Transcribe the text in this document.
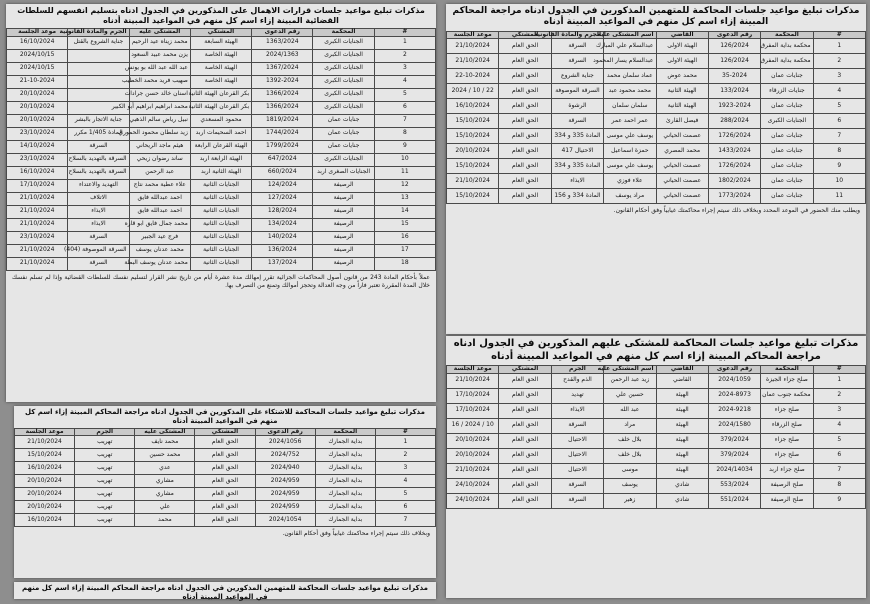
مذكرات تبليغ مواعيد جلسات المحاكمة للمتهمين المذكورين في الجدول ادناه مراجعة المحاكم المبينة إزاء اسم كل منهم في المواعيد المبينة أدناه
#	المحكمة	رقم الدعوى	القاضي	اسم المشتكى عليه	الجرم والمادة القانونية	المشتكي	موعد الجلسة
1	محكمة بداية المفرق	126/2024	الهيئة الاولى	عبدالسلام علي المبارك	السرقة	الحق العام	21/10/2024
2	محكمة بداية المفرق	126/2024	الهيئة الاولى	عبدالسلام يسار المحمود	السرقة	الحق العام	21/10/2024
3	جنايات عمان	35-2024	محمد عوض	عماد سلمان محمد	جناية الشروع	الحق العام	22-10-2024
4	جنايات الزرقاء	133/2024	الهيئة الثانية	محمد محمود عبد	السرقة الموصوفة	الحق العام	22 / 10 / 2024
5	جنايات عمان	1923-2024	الهيئة الثانية	سلمان سلمان	الرشوة	الحق العام	16/10/2024
6	الجنايات الكبرى	288/2024	فيصل القارئ	عمر احمد عمر	السرقة	الحق العام	15/10/2024
7	جنايات عمان	1726/2024	عصمت الحياني	يوسف علي موسى	المادة 335 و 334	الحق العام	15/10/2024
8	جنايات عمان	1433/2024	محمد المصري	حمزة اسماعيل	الاحتيال 417	الحق العام	20/10/2024
9	جنايات عمان	1726/2024	عصمت الحياني	يوسف علي موسى	المادة 335 و 334	الحق العام	15/10/2024
10	جنايات عمان	1802/2024	عصمت الحياني	علاء فوزي	الايذاء	الحق العام	21/10/2024
11	جنايات عمان	1773/2024	عصمت الحياني	مراد يوسف	المادة 334 و 156	الحق العام	15/10/2024
ويطلب منك الحضور في الموعد المحدد وبخلاف ذلك سيتم إجراء محاكمتك غيابياً وفق أحكام القانون.
مذكرات تبليغ مواعيد جلسات المحاكمة للمشتكى عليهم المذكورين في الجدول ادناه مراجعة المحاكم المبينة إزاء اسم كل منهم في المواعيد المبينة أدناه
#	المحكمة	رقم الدعوى	القاضي	اسم المشتكى عليه	الجرم	المشتكي	موعد الجلسة
1	صلح جزاء الجيزة	2024/1059	القاضي	زيد عبد الرحمن	الذم والقدح	الحق العام	21/10/2024
2	محكمة جنوب عمان	2024-8973	الهيئة	حسين علي	تهديد	الحق العام	17/10/2024
3	صلح جزاء	2024-9218	الهيئة	عبد الله	الايذاء	الحق العام	17/10/2024
4	صلح الزرقاء	2024/1580	الهيئة	مراد	السرقة	الحق العام	10 / 2024 / 16
5	صلح جزاء	379/2024	الهيئة	بلال خلف	الاحتيال	الحق العام	20/10/2024
6	صلح جزاء	379/2024	الهيئة	بلال خلف	الاحتيال	الحق العام	20/10/2024
7	صلح جزاء اربد	2024/14034	الهيئة	موسى	الاحتيال	الحق العام	21/10/2024
8	صلح الرصيفة	553/2024	شادي	يوسف	السرقة	الحق العام	24/10/2024
9	صلح الرصيفة	551/2024	شادي	زهير	السرقة	الحق العام	24/10/2024
مذكرات تبليغ مواعيد جلسات قرارات الاهمال على المذكورين في الجدول ادناه بتسليم انفسهم للسلطات القضائية المبينة إزاء اسم كل منهم في المواعيد المبينة أدناه
#	المحكمة	رقم الدعوى	المشتكي	المشتكى عليه	الجرم والمادة القانونية	موعد الجلسة
1	الجنايات الكبرى	1363/2024	الهيئة السابعة	محمد زيناه عيد الرحيم	جناية الشروع بالقتل	16/10/2024
2	الجنايات الكبرى	2024/1363	الهيئة الخاصة	يزن محمد عبيد السعود		2024/10/15
3	الجنايات الكبرى	1367/2024	الهيئة الخاصة	عبد الله عبد الله بو يونس		2024/10/15
4	الجنايات الكبرى	1392-2024	الهيئة الخاصة	صهيب فريد محمد الخطيب		21-10-2024
5	الجنايات الكبرى	1366/2024	بكر القرعان الهيئة الثانية	اسنان خالد حسن جرادات		20/10/2024
6	الجنايات الكبرى	1366/2024	بكر القرعان الهيئة الثانية	محمد ابراهيم ابراهيم أبو الكبير		20/10/2024
7	جنايات عمان	1819/2024	محمود المسعدي	نبيل رياض سالم الذهبي	جناية الاتجار بالبشر	20/10/2024
8	جنايات عمان	1744/2024	احمد السحيمات اربد	زيد سلطان محمود الحموري	المادة 1/405 مكرر	23/10/2024
9	جنايات عمان	1799/2024	الهيئة القرعان الرابعة	هيثم ماجد الريحاني	السرقة	14/10/2024
10	الجنايات الكبرى	647/2024	الهيئة الرابعة اربد	ساند رضوان زيحي	السرقة بالتهديد بالسلاح	23/10/2024
11	الجنايات الصغرى اربد	660/2024	الهيئة الثانية اربد	عبد الرحمن	السرقة بالتهديد بالسلاح	16/10/2024
12	الرصيفة	124/2024	الجنايات الثانية	علاء عطية محمد نتاج	التهديد والاعتداء	17/10/2024
13	الرصيفة	127/2024	الجنايات الثانية	احمد عبدالله فايق	الاتلاف	21/10/2024
14	الرصيفة	128/2024	الجنايات الثانية	احمد عبدالله فايق	الايذاء	21/10/2024
15	الرصيفة	134/2024	الجنايات الثانية	محمد جمال فايق ابو قاره	الايذاء	21/10/2024
16	الرصيفة	140/2024	الجنايات الثانية	فرج عيد الجبير	السرقة	23/10/2024
17	الرصيفة	136/2024	الجنايات الثانية	محمد عدنان يوسف	السرقة الموصوفة (404)	21/10/2024
18	الرصيفة	137/2024	الجنايات الثانية	محمد عدنان يوسف البطة	السرقة	21/10/2024
عملاً بأحكام المادة 243 من قانون أصول المحاكمات الجزائية تقرر إمهالك مدة عشرة أيام من تاريخ نشر القرار لتسليم نفسك للسلطات القضائية وإذا لم تسلم نفسك خلال المدة المقررة تعتبر فاراً من وجه العدالة وتحجز أموالك وتمنع من التصرف بها.
مذكرات تبليغ مواعيد جلسات المحاكمة للاشتكاء على المذكورين في الجدول ادناه مراجعة المحاكم المبينة إزاء اسم كل منهم في المواعيد المبينة أدناه
#	المحكمة	رقم الدعوى	المشتكي	المشتكى عليه	الجرم	موعد الجلسة
1	بداية الجمارك	2024/1056	الحق العام	محمد نايف	تهريب	21/10/2024
2	بداية الجمارك	2024/752	الحق العام	محمد حسين	تهريب	15/10/2024
3	بداية الجمارك	2024/940	الحق العام	عدي	تهريب	16/10/2024
4	بداية الجمارك	2024/959	الحق العام	مشاري	تهريب	20/10/2024
5	بداية الجمارك	2024/959	الحق العام	مشاري	تهريب	20/10/2024
6	بداية الجمارك	2024/959	الحق العام	علي	تهريب	20/10/2024
7	بداية الجمارك	2024/1054	الحق العام	محمد	تهريب	16/10/2024
وبخلاف ذلك سيتم إجراء محاكمتك غيابياً وفق أحكام القانون.
مذكرات تبليغ مواعيد جلسات المحاكمة للمتهمين المذكورين في الجدول ادناه مراجعة المحاكم المبينة إزاء اسم كل منهم في المواعيد المبينة أدناه
